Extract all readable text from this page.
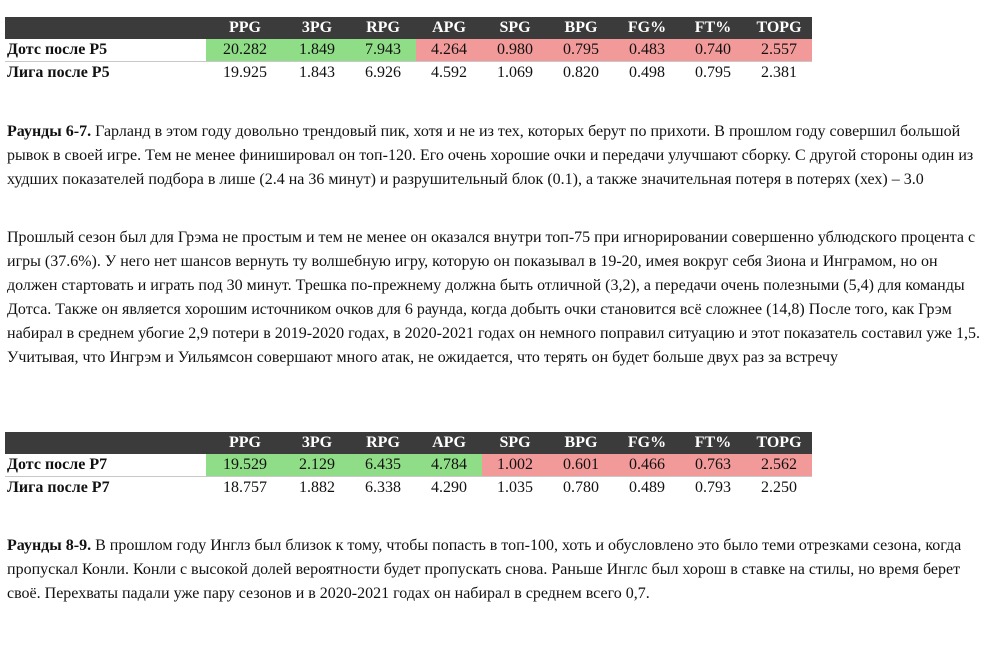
	PPG	3PG	RPG	APG	SPG	BPG	FG%	FT%	TOPG
Дотс после Р5	20.282	1.849	7.943	4.264	0.980	0.795	0.483	0.740	2.557
Лига после Р5	19.925	1.843	6.926	4.592	1.069	0.820	0.498	0.795	2.381

Раунды 6-7. Гарланд в этом году довольно трендовый пик, хотя и не из тех, которых берут по прихоти. В прошлом году совершил большой рывок в своей игре. Тем не менее финишировал он топ-120. Его очень хорошие очки и передачи улучшают сборку. С другой стороны один из худших показателей подбора в лише (2.4 на 36 минут) и разрушительный блок (0.1), а также значительная потеря в потерях (хех) – 3.0

Прошлый сезон был для Грэма не простым и тем не менее он оказался внутри топ-75 при игнорировании совершенно ублюдского процента с игры (37.6%). У него нет шансов вернуть ту волшебную игру, которую он показывал в 19-20, имея вокруг себя Зиона и Инграмом, но он должен стартовать и играть под 30 минут. Трешка по-прежнему должна быть отличной (3,2), а передачи очень полезными (5,4) для команды Дотса. Также он является хорошим источником очков для 6 раунда, когда добыть очки становится всё сложнее (14,8) После того, как Грэм набирал в среднем убогие 2,9 потери в 2019-2020 годах, в 2020-2021 годах он немного поправил ситуацию и этот показатель составил уже 1,5. Учитывая, что Ингрэм и Уильямсон совершают много атак, не ожидается, что терять он будет больше двух раз за встречу

	PPG	3PG	RPG	APG	SPG	BPG	FG%	FT%	TOPG
Дотс после Р7	19.529	2.129	6.435	4.784	1.002	0.601	0.466	0.763	2.562
Лига после Р7	18.757	1.882	6.338	4.290	1.035	0.780	0.489	0.793	2.250

Раунды 8-9. В прошлом году Инглз был близок к тому, чтобы попасть в топ-100, хоть и обусловлено это было теми отрезками сезона, когда пропускал Конли. Конли с высокой долей вероятности будет пропускать снова. Раньше Инглс был хорош в ставке на стилы, но время берет своё. Перехваты падали уже пару сезонов и в 2020-2021 годах он набирал в среднем всего 0,7.
